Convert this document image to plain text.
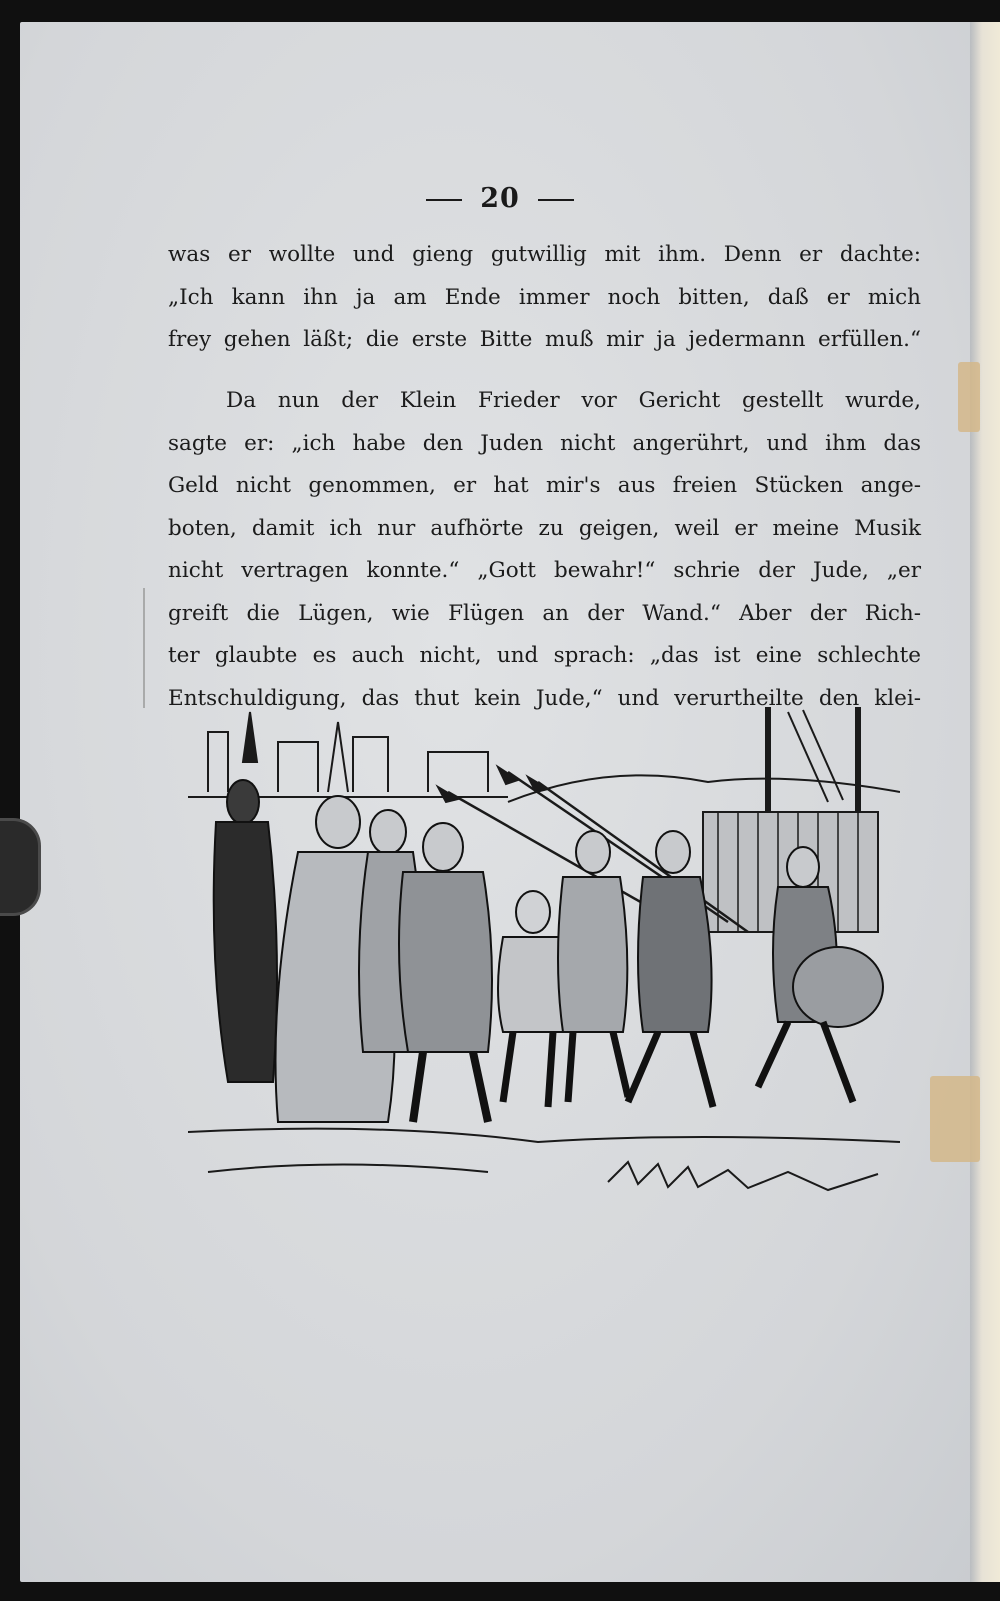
20
was er wollte und gieng gutwillig mit ihm. Denn er dachte:
„Ich kann ihn ja am Ende immer noch bitten, daß er mich
frey gehen läßt; die erste Bitte muß mir ja jedermann erfüllen.“
Da nun der Klein Frieder vor Gericht gestellt wurde,
sagte er: „ich habe den Juden nicht angerührt, und ihm das
Geld nicht genommen, er hat mir's aus freien Stücken ange-
boten, damit ich nur aufhörte zu geigen, weil er meine Musik
nicht vertragen konnte.“ „Gott bewahr!“ schrie der Jude, „er
greift die Lügen, wie Flügen an der Wand.“ Aber der Rich-
ter glaubte es auch nicht, und sprach: „das ist eine schlechte
Entschuldigung, das thut kein Jude,“ und verurtheilte den klei-
